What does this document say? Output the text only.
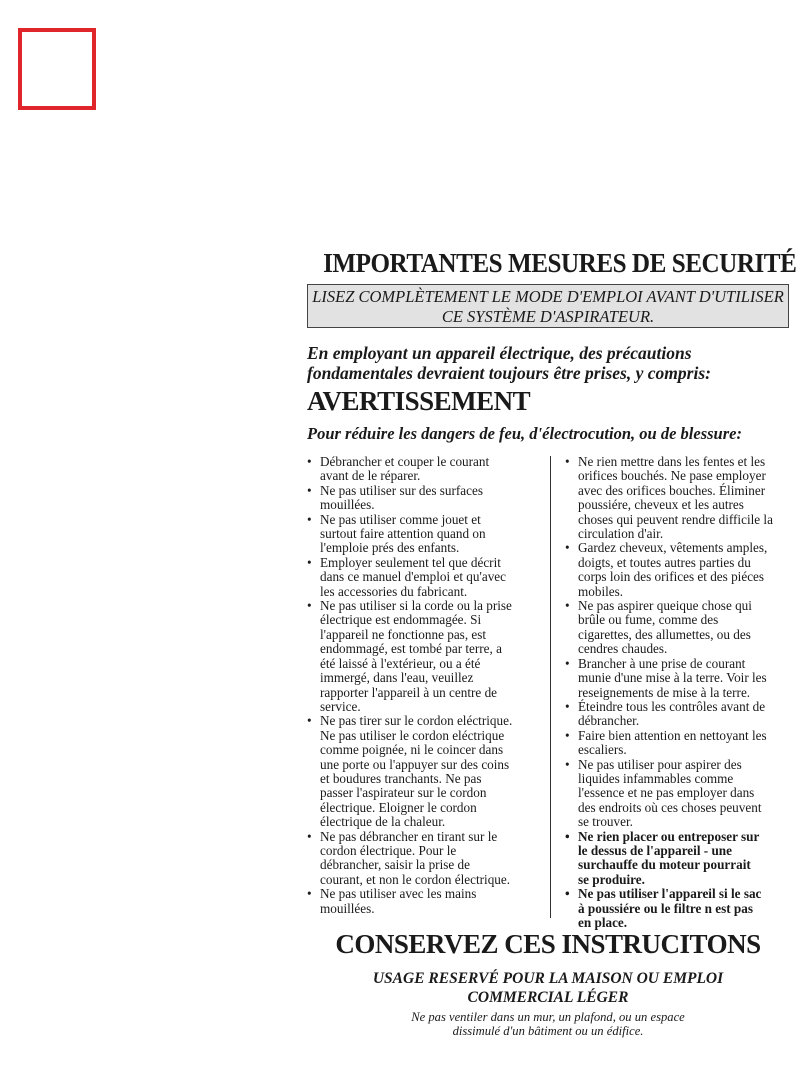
IMPORTANTES MESURES DE SECURITÉ
LISEZ COMPLÈTEMENT LE MODE D'EMPLOI AVANT D'UTILISER
CE SYSTÈME D'ASPIRATEUR.
En employant un appareil électrique, des précautions
fondamentales devraient toujours être prises, y compris:
AVERTISSEMENT
Pour réduire les dangers de feu, d'électrocution, ou de blessure:
• Débrancher et couper le courant
avant de le réparer.
• Ne pas utiliser sur des surfaces
mouillées.
• Ne pas utiliser comme jouet et
surtout faire attention quand on
l'emploie prés des enfants.
• Employer seulement tel que décrit
dans ce manuel d'emploi et qu'avec
les accessories du fabricant.
• Ne pas utiliser si la corde ou la prise
électrique est endommagée. Si
l'appareil ne fonctionne pas, est
endommagé, est tombé par terre, a
été laissé à l'extérieur, ou a été
immergé, dans l'eau, veuillez
rapporter l'appareil à un centre de
service.
• Ne pas tirer sur le cordon eléctrique.
Ne pas utiliser le cordon eléctrique
comme poignée, ni le coincer dans
une porte ou l'appuyer sur des coins
et boudures tranchants. Ne pas
passer l'aspirateur sur le cordon
électrique. Eloigner le cordon
électrique de la chaleur.
• Ne pas débrancher en tirant sur le
cordon électrique. Pour le
débrancher, saisir la prise de
courant, et non le cordon électrique.
• Ne pas utiliser avec les mains
mouillées.
• Ne rien mettre dans les fentes et les
orifices bouchés. Ne pase employer
avec des orifices bouches. Éliminer
poussiére, cheveux et les autres
choses qui peuvent rendre difficile la
circulation d'air.
• Gardez cheveux, vêtements amples,
doigts, et toutes autres parties du
corps loin des orifices et des piéces
mobiles.
• Ne pas aspirer queique chose qui
brûle ou fume, comme des
cigarettes, des allumettes, ou des
cendres chaudes.
• Brancher à une prise de courant
munie d'une mise à la terre. Voir les
reseignements de mise à la terre.
• Éteindre tous les contrôles avant de
débrancher.
• Faire bien attention en nettoyant les
escaliers.
• Ne pas utiliser pour aspirer des
liquides infammables comme
l'essence et ne pas employer dans
des endroits où ces choses peuvent
se trouver.
• Ne rien placer ou entreposer sur
le dessus de l'appareil - une
surchauffe du moteur pourrait
se produire.
• Ne pas utiliser l'appareil si le sac
à poussiére ou le filtre n est pas
en place.
CONSERVEZ CES INSTRUCITONS
USAGE RESERVÉ POUR LA MAISON OU EMPLOI
COMMERCIAL LÉGER
Ne pas ventiler dans un mur, un plafond, ou un espace
dissimulé d'un bâtiment ou un édifice.
